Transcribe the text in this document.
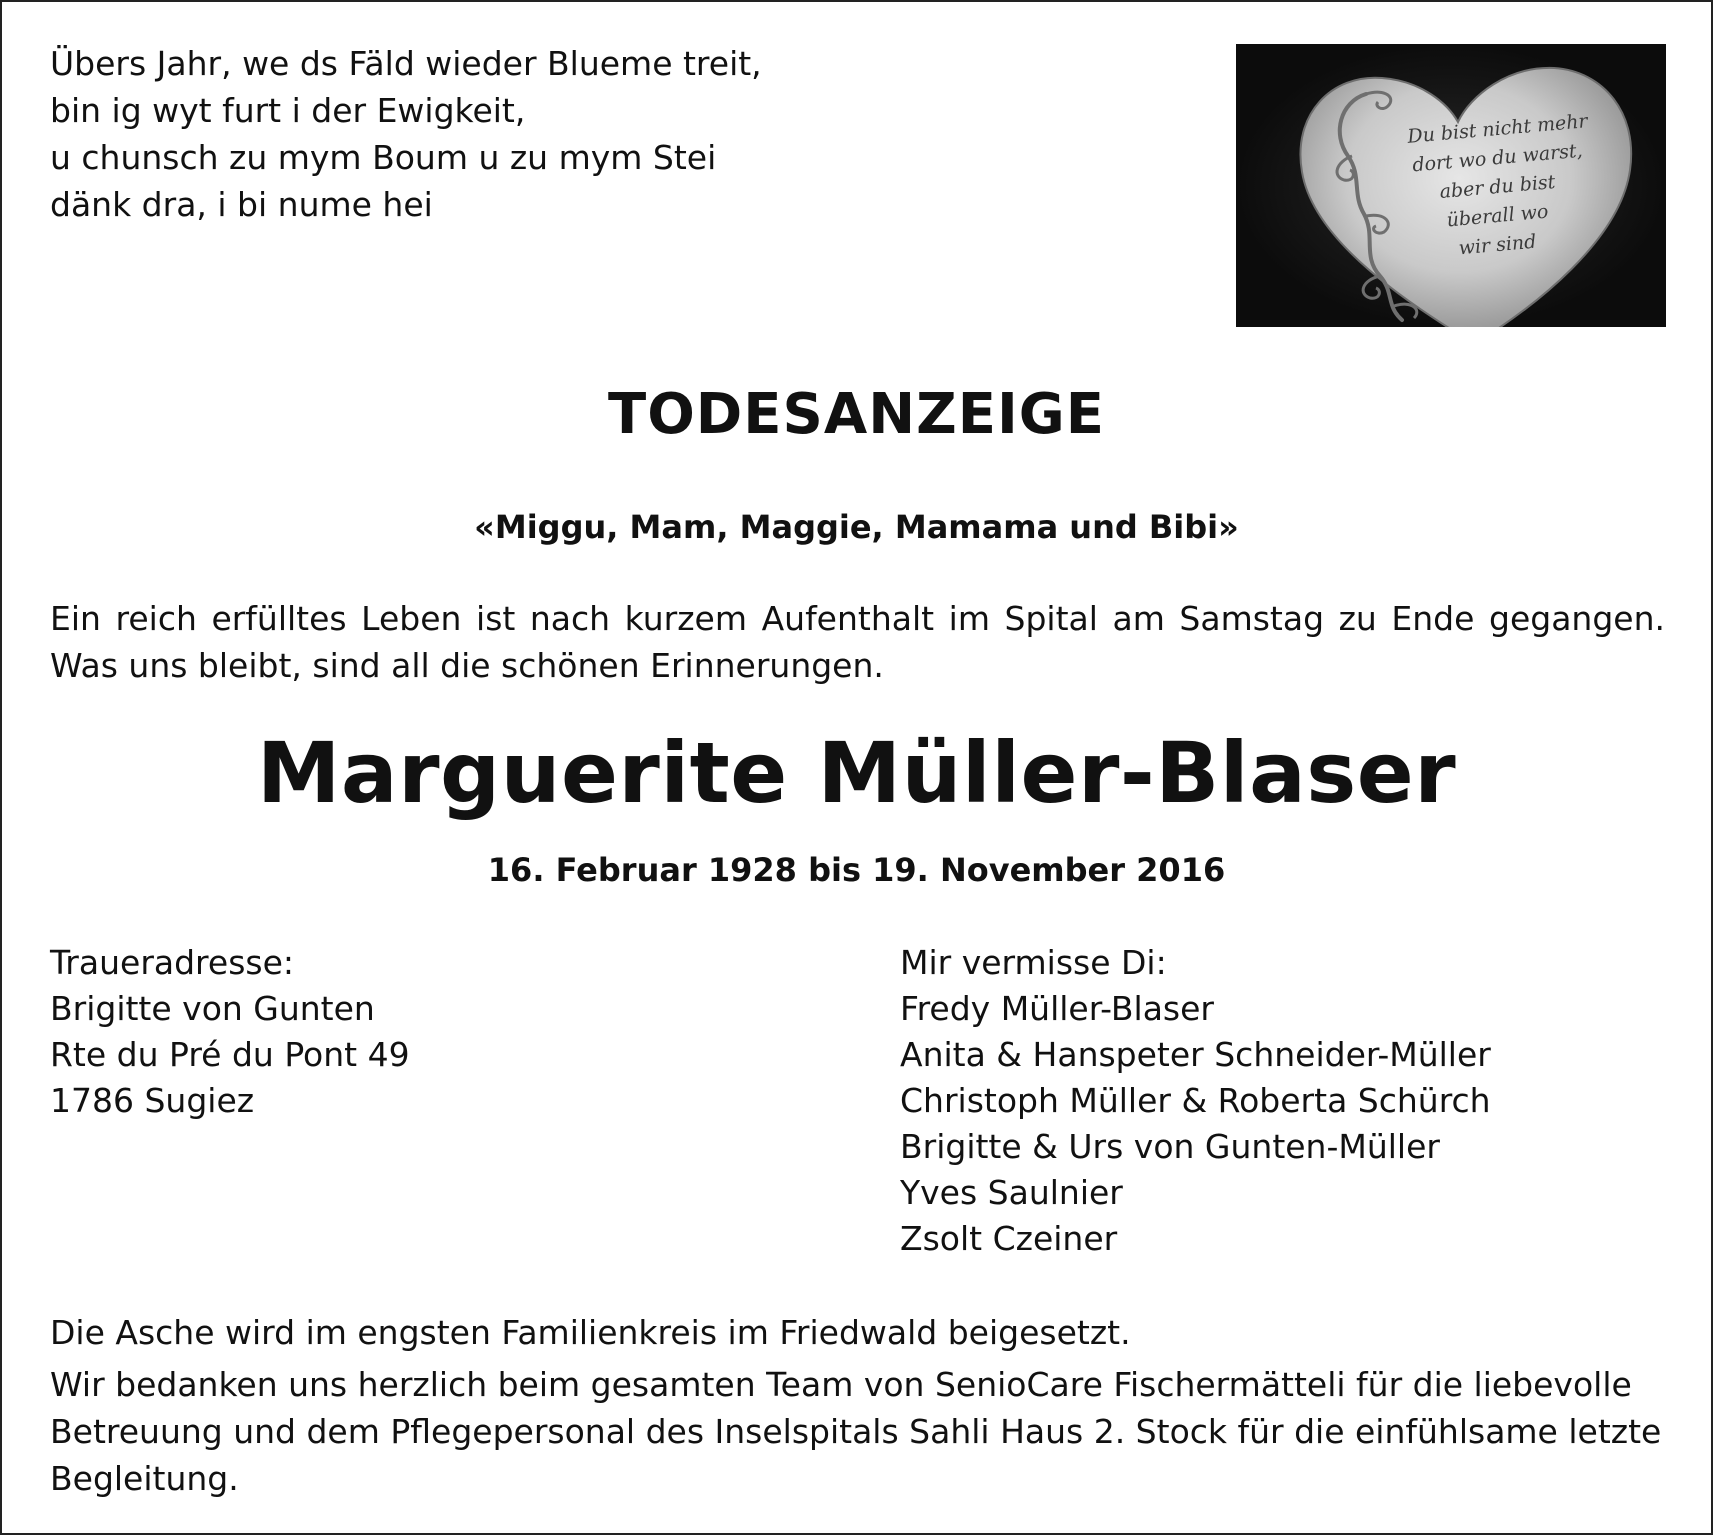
Übers Jahr, we ds Fäld wieder Blueme treit,
bin ig wyt furt i der Ewigkeit,
u chunsch zu mym Boum u zu mym Stei
dänk dra, i bi nume hei
Du bist nicht mehr
dort wo du warst,
aber du bist
überall wo
wir sind
TODESANZEIGE
«Miggu, Mam, Maggie, Mamama und Bibi»
Ein reich erfülltes Leben ist nach kurzem Aufenthalt im Spital am Samstag zu Ende gegangen. Was uns bleibt, sind all die schönen Erinnerungen.
Marguerite Müller-Blaser
16. Februar 1928 bis 19. November 2016
Traueradresse:
Brigitte von Gunten
Rte du Pré du Pont 49
1786 Sugiez
Mir vermisse Di:
Fredy Müller-Blaser
Anita & Hanspeter Schneider-Müller
Christoph Müller & Roberta Schürch
Brigitte & Urs von Gunten-Müller
Yves Saulnier
Zsolt Czeiner
Die Asche wird im engsten Familienkreis im Friedwald beigesetzt.
Wir bedanken uns herzlich beim gesamten Team von SenioCare Fischermätteli für die liebevolle Betreuung und dem Pflegepersonal des Inselspitals Sahli Haus 2. Stock für die einfühlsame letzte Begleitung.
